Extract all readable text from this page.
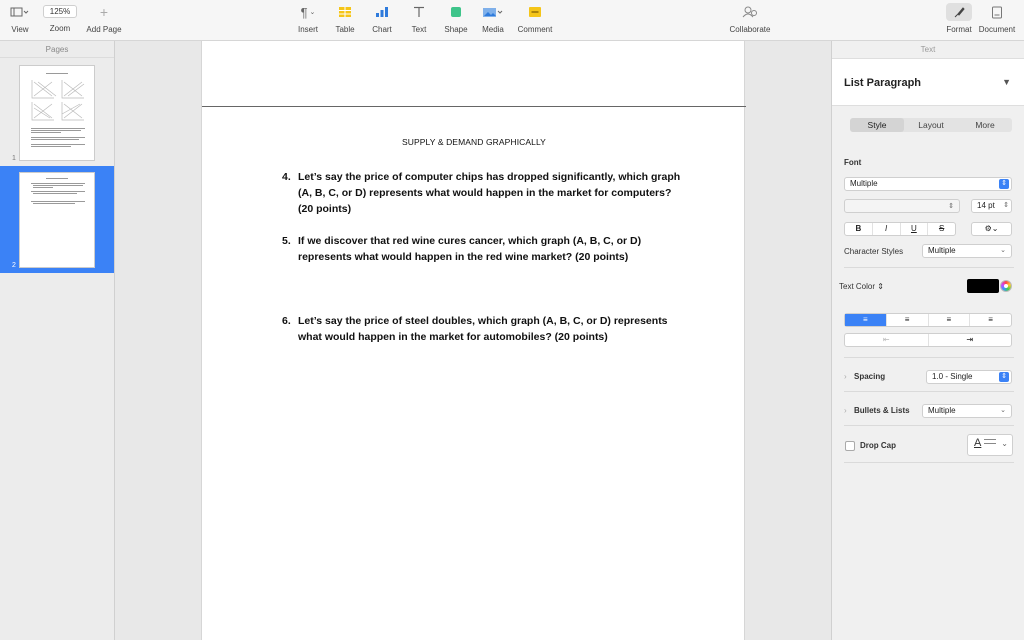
View
125%
Zoom
+
Add Page
¶ ⌄
Insert Table Chart Text Shape Media Comment	Collaborate	Format Document
Pages
1
2
SUPPLY & DEMAND GRAPHICALLY
4. Let’s say the price of computer chips has dropped significantly, which graph (A, B, C, or D) represents what would happen in the market for computers? (20 points)
5. If we discover that red wine cures cancer, which graph (A, B, C, or D) represents what would happen in the red wine market? (20 points)
6. Let’s say the price of steel doubles, which graph (A, B, C, or D) represents what would happen in the market for automobiles? (20 points)
Text
List Paragraph	▼
Style	Layout	More
Font
Multiple	⇕
⇕	14 pt ⇕
B	I	U	S	⚙⌄
Character Styles	Multiple	⌄
Text Color ⇕
≡	≡	≡	≡
⇤	⇥
› Spacing	1.0 - Single	⇕
› Bullets & Lists	Multiple	⌄
Drop Cap	A ⌄
